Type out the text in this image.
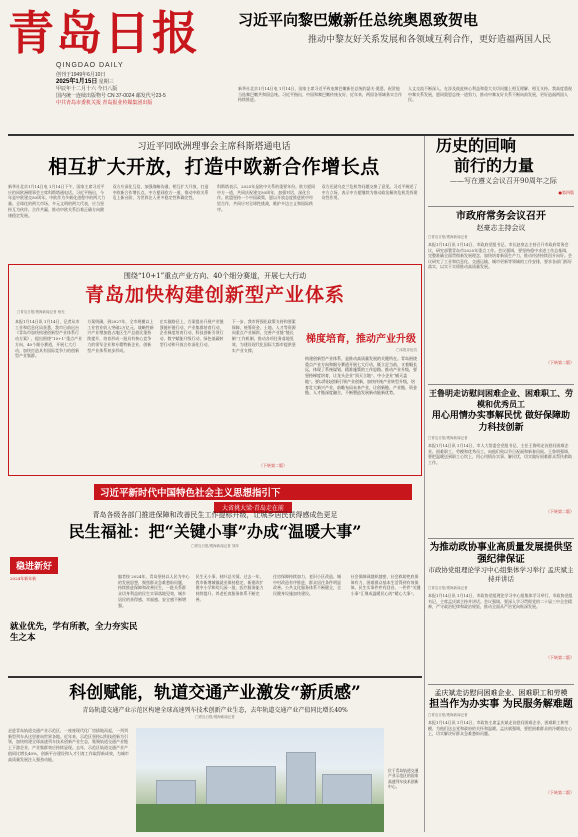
青岛日报
QINGDAO DAILY
创刊于1949年6月10日
2025年1月15日 星期三
甲辰年十二月十六 今日八版
国内统一连续出版物号 CN 37-0024 邮发代号23-5
中共青岛市委机关报 青岛报业传媒集团出版
习近平向黎巴嫩新任总统奥恩致贺电
推动中黎友好关系发展和各领域互利合作，更好造福两国人民

新华社北京1月14日电 1月14日，国家主席习近平致电黎巴嫩新任总统约瑟夫·奥恩，祝贺他当选黎巴嫩共和国总统。习近平指出，中国和黎巴嫩传统友好，近年来，两国各领域务实合作持续推进。

人文交流不断深入，在涉及彼此核心利益和重大关切问题上相互理解、相互支持。我高度重视中黎关系发展，愿同奥恩总统一道努力，推动中黎友好关系不断向前发展，更好造福两国人民。

习近平同欧洲理事会主席科斯塔通电话
相互扩大开放，打造中欧新合作增长点

新华社北京1月14日电 1月14日下午，国家主席习近平应约同欧洲理事会主席科斯塔通电话。习近平指出，今年是中欧建交50周年。中欧作为多极化进程中的两大力量、全球化的两大市场、多元文明的两大代表，应当坚持互为伙伴、合作共赢，推动中欧关系沿着正确方向健康稳定发展。

双方应深化互信，加强战略沟通，相互扩大开放，打造中欧新合作增长点。中方愿同欧方一道，推动中欧关系迈上新台阶，为世界注入更多稳定性和确定性。

科斯塔表示，2025年是欧中关系的重要年份。欧方愿同中方一道，共同庆祝建交50周年，加强对话，深化合作。欧盟坚持一个中国政策，愿以开放态度推进欧中经贸合作，共同应对全球性挑战，维护多边主义和国际秩序。

双方还就乌克兰危机等问题交换了意见。习近平阐述了中方立场，表示中方愿继续为推动政治解决危机发挥建设性作用。

历史的回响
前行的力量
——写在遵义会议召开90周年之际
●第四版
市政府常务会议召开
赵豪志主持会议
□青岛日报/观海新闻记者
本报1月14日讯 1月14日，市政府党组书记、市长赵豪志主持召开市政府常务会议，研究部署青岛市2025年重点工作。会议强调，要坚持稳中求进工作总基调，完整准确全面贯彻新发展理念，加快培育新质生产力，推动经济持续回升向好。会议研究了工业和信息化、交通运输、城市更新等领域的工作安排，要求各部门抓好落实，以实干实绩推动高质量发展。
（下转第二版）
王鲁明走访慰问困难企业、困难职工、劳模和优秀员工
用心用情办实事解民忧 做好保障助力科技创新
□青岛日报/观海新闻记者
本报1月14日讯 1月14日，市人大常委会党组书记、主任王鲁明走访慰问困难企业、困难职工、劳模和优秀员工，向他们致以节日祝福和新春问候。王鲁明强调，要把温暖送到职工心坎上，用心用情办实事、解民忧，切实做好困难群众帮扶救助工作。
（下转第二版）
为推动政协事业高质量发展提供坚强纪律保证
市政协党组理论学习中心组集体学习举行 孟庆斌主持并讲话
□青岛日报/观海新闻记者
本报1月14日讯 1月14日，市政协党组理论学习中心组集体学习举行，市政协党组书记、主席孟庆斌主持并讲话。会议强调，要深入学习贯彻党的二十届三中全会精神，严守政治纪律和政治规矩，推动全面从严治党向纵深发展。
（下转第二版）
孟庆斌走访慰问困难企业、困难职工和劳模
担当作为办实事 为民服务解难题
□青岛日报/观海新闻记者
本报1月14日讯 1月14日，市政协主席孟庆斌走访慰问困难企业、困难职工和劳模，为他们送去党和政府的关怀和温暖。孟庆斌强调，要把困难群众的冷暖放在心上，切实解决好群众急难愁盼问题。
（下转第二版）
围绕“10+1”重点产业方向、40个细分赛道，开展七大行动
青岛加快构建创新型产业体系
□青岛日报/观海新闻记者 杨光

本报1月14日讯 1月14日，记者从市工业和信息化局获悉，我市日前出台《青岛市加快构建创新型产业体系行动方案》，提出围绕“10+1”重点产业方向、40个细分赛道，开展七大行动，加快打造具有国际竞争力的创新型产业集群。

方案明确，到2027年，全市规模以上工业营业收入突破2万亿元，战略性新兴产业增加值占地区生产总值比重持续提升，培育形成一批具有核心竞争力的领军企业和专精特新企业，创新型产业体系初步形成。

在实施路径上，方案提出开展产业链强链补链行动、产业集群培育行动、企业梯度培育行动、科技创新引领行动、数字赋能升级行动、绿色低碳转型行动和开放合作深化行动。

下一步，我市将强化政策支持和要素保障，统筹资金、土地、人才等资源向重点产业倾斜，完善产业链“链长制”工作机制，推动各项任务落地见效，为建设现代化国际大都市提供坚实产业支撑。

（下转第二版）
梯度培育，推动产业升级
□本报评论员
构建创新型产业体系，是推动高质量发展的关键所在。青岛围绕重点产业方向和细分赛道开展七大行动，既立足当前，又着眼长远，体现了系统谋划、精准施策的工作思路。推动产业升级，要坚持梯度培育，让龙头企业“顶天立地”、中小企业“铺天盖地”。要以科技创新引领产业创新，加快传统产业转型升级，培育壮大新兴产业，前瞻布局未来产业，让创新链、产业链、资金链、人才链深度融合，不断塑造发展新动能新优势。
习近平新时代中国特色社会主义思想指引下
大省挑大梁·青岛走在前
青岛各级各部门推进保障和改善民生工作提标升级，让城乡居民获得感成色更足
民生福祉：把“关键小事”办成“温暖大事”
□青岛日报/观海新闻记者 刘萍
稳进新好
2024年新年新	编者按 2024年，青岛坚持以人民为中心的发展思想，聚焦群众急难愁盼问题，持续推进保障和改善民生，一批关系群众切身利益的民生实事落地见效，城乡居民的获得感、幸福感、安全感不断增强。

民生无小事，枝叶总关情。过去一年，我市新增城镇就业保持稳定，新建改扩建中小学和幼儿园一批，医疗服务能力持续提升，养老托育服务体系不断完善。

住房保障持续加力，老旧小区改造、城中村改造有序推进，群众居住条件明显改善。公共文化服务体系不断健全，全民健身设施加快建设。

社会保障网越织越密，社会救助兜底保障有力，困难群众基本生活得到有效保障。民生实事件件有回音，一件件“关键小事”汇聚成温暖民心的“暖心大事”。

就业优先，学有所教，全力夯实民生之本
科创赋能，轨道交通产业激发“新质感”
青岛轨道交通产业示范区构建全球高速列车技术创新产业生态，去年轨道交通产业产值同比增长40%
□青岛日报/观海新闻记者
走进青岛轨道交通产业示范区，一座座现代化厂房拔地而起，一列列新型列车从这里驶向世界各地。近年来，示范区坚持以科技创新为引领，加快构建全球高速列车技术创新产业生态，集聚轨道交通产业链上下游企业，产业集群效应持续显现。去年，示范区轨道交通产业产值同比增长40%，创新平台建设和人才引育工作取得新成效，为城市高质量发展注入强劲动能。
位于青岛轨道交通产业示范区的国家高速列车技术创新中心。
